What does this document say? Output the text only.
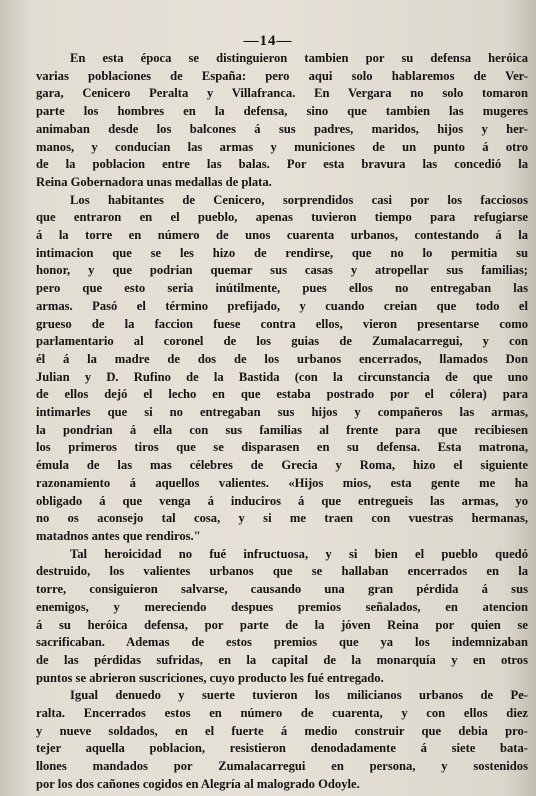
—14—
En esta época se distinguieron tambien por su defensa heróica
varias poblaciones de España: pero aqui solo hablaremos de Ver-
gara, Cenicero Peralta y Villafranca. En Vergara no solo tomaron
parte los hombres en la defensa, sino que tambien las mugeres
animaban desde los balcones á sus padres, maridos, hijos y her-
manos, y conducian las armas y municiones de un punto á otro
de la poblacion entre las balas. Por esta bravura las concedió la
Reina Gobernadora unas medallas de plata.
Los habitantes de Cenicero, sorprendidos casi por los facciosos
que entraron en el pueblo, apenas tuvieron tiempo para refugiarse
á la torre en número de unos cuarenta urbanos, contestando á la
intimacion que se les hizo de rendirse, que no lo permitia su
honor, y que podrian quemar sus casas y atropellar sus familias;
pero que esto seria inútilmente, pues ellos no entregaban las
armas. Pasó el término prefijado, y cuando creian que todo el
grueso de la faccion fuese contra ellos, vieron presentarse como
parlamentario al coronel de los guias de Zumalacarregui, y con
él á la madre de dos de los urbanos encerrados, llamados Don
Julian y D. Rufino de la Bastida (con la circunstancia de que uno
de ellos dejó el lecho en que estaba postrado por el cólera) para
intimarles que si no entregaban sus hijos y compañeros las armas,
la pondrian á ella con sus familias al frente para que recibiesen
los primeros tiros que se disparasen en su defensa. Esta matrona,
émula de las mas célebres de Grecia y Roma, hizo el siguiente
razonamiento á aquellos valientes. «Hijos mios, esta gente me ha
obligado á que venga á induciros á que entregueis las armas, yo
no os aconsejo tal cosa, y si me traen con vuestras hermanas,
matadnos antes que rendiros."
Tal heroicidad no fué infructuosa, y si bien el pueblo quedó
destruido, los valientes urbanos que se hallaban encerrados en la
torre, consiguieron salvarse, causando una gran pérdida á sus
enemigos, y mereciendo despues premios señalados, en atencion
á su heróica defensa, por parte de la jóven Reina por quien se
sacrificaban. Ademas de estos premios que ya los indemnizaban
de las pérdidas sufridas, en la capital de la monarquía y en otros
puntos se abrieron suscriciones, cuyo producto les fué entregado.
Igual denuedo y suerte tuvieron los milicianos urbanos de Pe-
ralta. Encerrados estos en número de cuarenta, y con ellos diez
y nueve soldados, en el fuerte á medio construir que debia pro-
tejer aquella poblacion, resistieron denodadamente á siete bata-
llones mandados por Zumalacarregui en persona, y sostenidos
por los dos cañones cogidos en Alegría al malogrado Odoyle.
